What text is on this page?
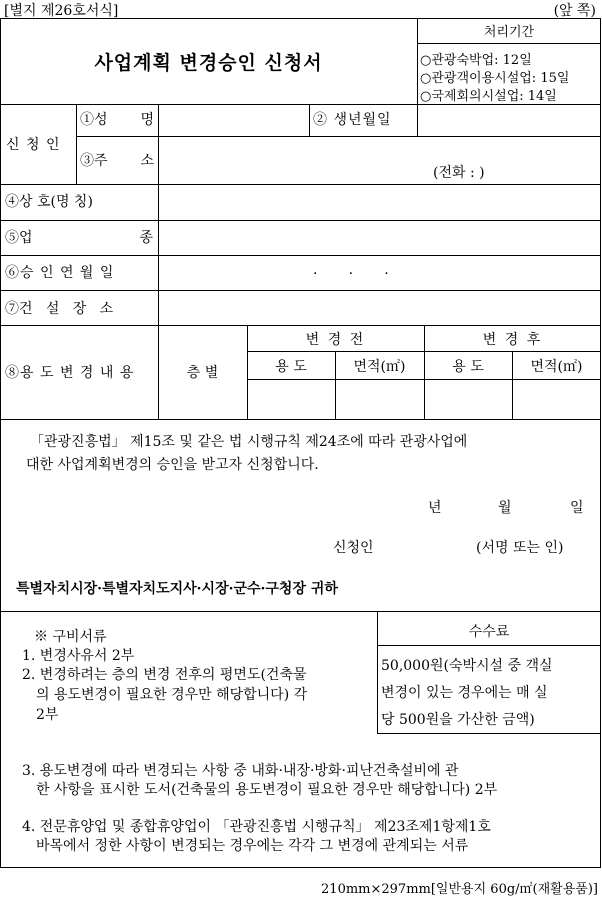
[별지 제26호서식]	(앞 쪽)
사업계획 변경승인 신청서
처리기간
○관광숙박업: 12일
○관광객이용시설업: 15일
○국제회의시설업: 14일
신 청 인
①성 명	② 생년월일
③주 소
(전화 : )
④상 호(명 칭)
⑤업	종
⑥승 인 연 월 일	.       .       .
⑦건   설   장   소
⑧용 도 변 경 내 용	층 별
변 경 전	변 경 후
용 도	면적(㎡)	용 도	면적(㎡)
「관광진흥법」 제15조 및 같은 법 시행규칙 제24조에 따라 관광사업에
대한 사업계획변경의 승인을 받고자 신청합니다.
년	월	일
신청인	(서명 또는 인)
특별자치시장·특별자치도지사·시장·군수·구청장 귀하
※ 구비서류
1. 변경사유서 2부
2. 변경하려는 층의 변경 전후의 평면도(건축물
의 용도변경이 필요한 경우만 해당합니다) 각
2부
수수료
50,000원(숙박시설 중 객실
변경이 있는 경우에는 매 실
당 500원을 가산한 금액)
3. 용도변경에 따라 변경되는 사항 중 내화·내장·방화·피난건축설비에 관
한 사항을 표시한 도서(건축물의 용도변경이 필요한 경우만 해당합니다) 2부
4. 전문휴양업 및 종합휴양업이 「관광진흥법 시행규칙」 제23조제1항제1호
바목에서 정한 사항이 변경되는 경우에는 각각 그 변경에 관계되는 서류
210mm×297mm[일반용지 60g/㎡(재활용품)]
